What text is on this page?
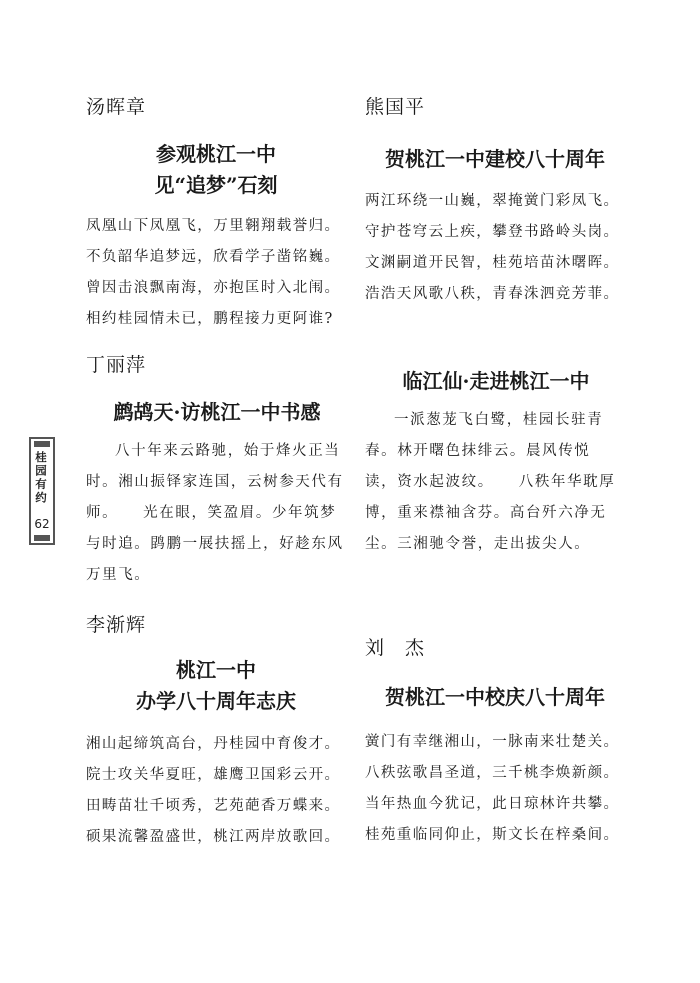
汤晖章

参观桃江一中
见“追梦”石刻

凤凰山下凤凰飞，万里翱翔载誉归。

不负韶华追梦远，欣看学子凿铭巍。

曾因击浪飘南海，亦抱匡时入北闱。

相约桂园情未已，鹏程接力更阿谁?

熊国平

贺桃江一中建校八十周年

两江环绕一山巍，翠掩黉门彩凤飞。

守护苍穹云上疾，攀登书路岭头岗。

文渊嗣道开民智，桂苑培苗沐曙晖。

浩浩天风歌八秩，青春洙泗竞芳菲。

丁丽萍

鹧鸪天·访桃江一中书感

八十年来云路驰，始于烽火正当时。湘山振铎家连国，云树参天代有师。　　光在眼，笑盈眉。少年筑梦与时追。鹍鹏一展扶摇上，好趁东风万里飞。

临江仙·走进桃江一中

一派葱茏飞白鹭，桂园长驻青春。林开曙色抹绯云。晨风传悦读，资水起波纹。　　八秩年华耽厚博，重来襟袖含芬。高台歼六净无尘。三湘驰令誉，走出拔尖人。

李渐辉

桃江一中
办学八十周年志庆

湘山起缔筑高台，丹桂园中育俊才。

院士攻关华夏旺，雄鹰卫国彩云开。

田畴苗壮千顷秀，艺苑葩香万蝶来。

硕果流馨盈盛世，桃江两岸放歌回。

刘　杰

贺桃江一中校庆八十周年

黉门有幸继湘山，一脉南来壮楚关。

八秩弦歌昌圣道，三千桃李焕新颜。

当年热血今犹记，此日琼林许共攀。

桂苑重临同仰止，斯文长在梓桑间。

桂园有约
62
